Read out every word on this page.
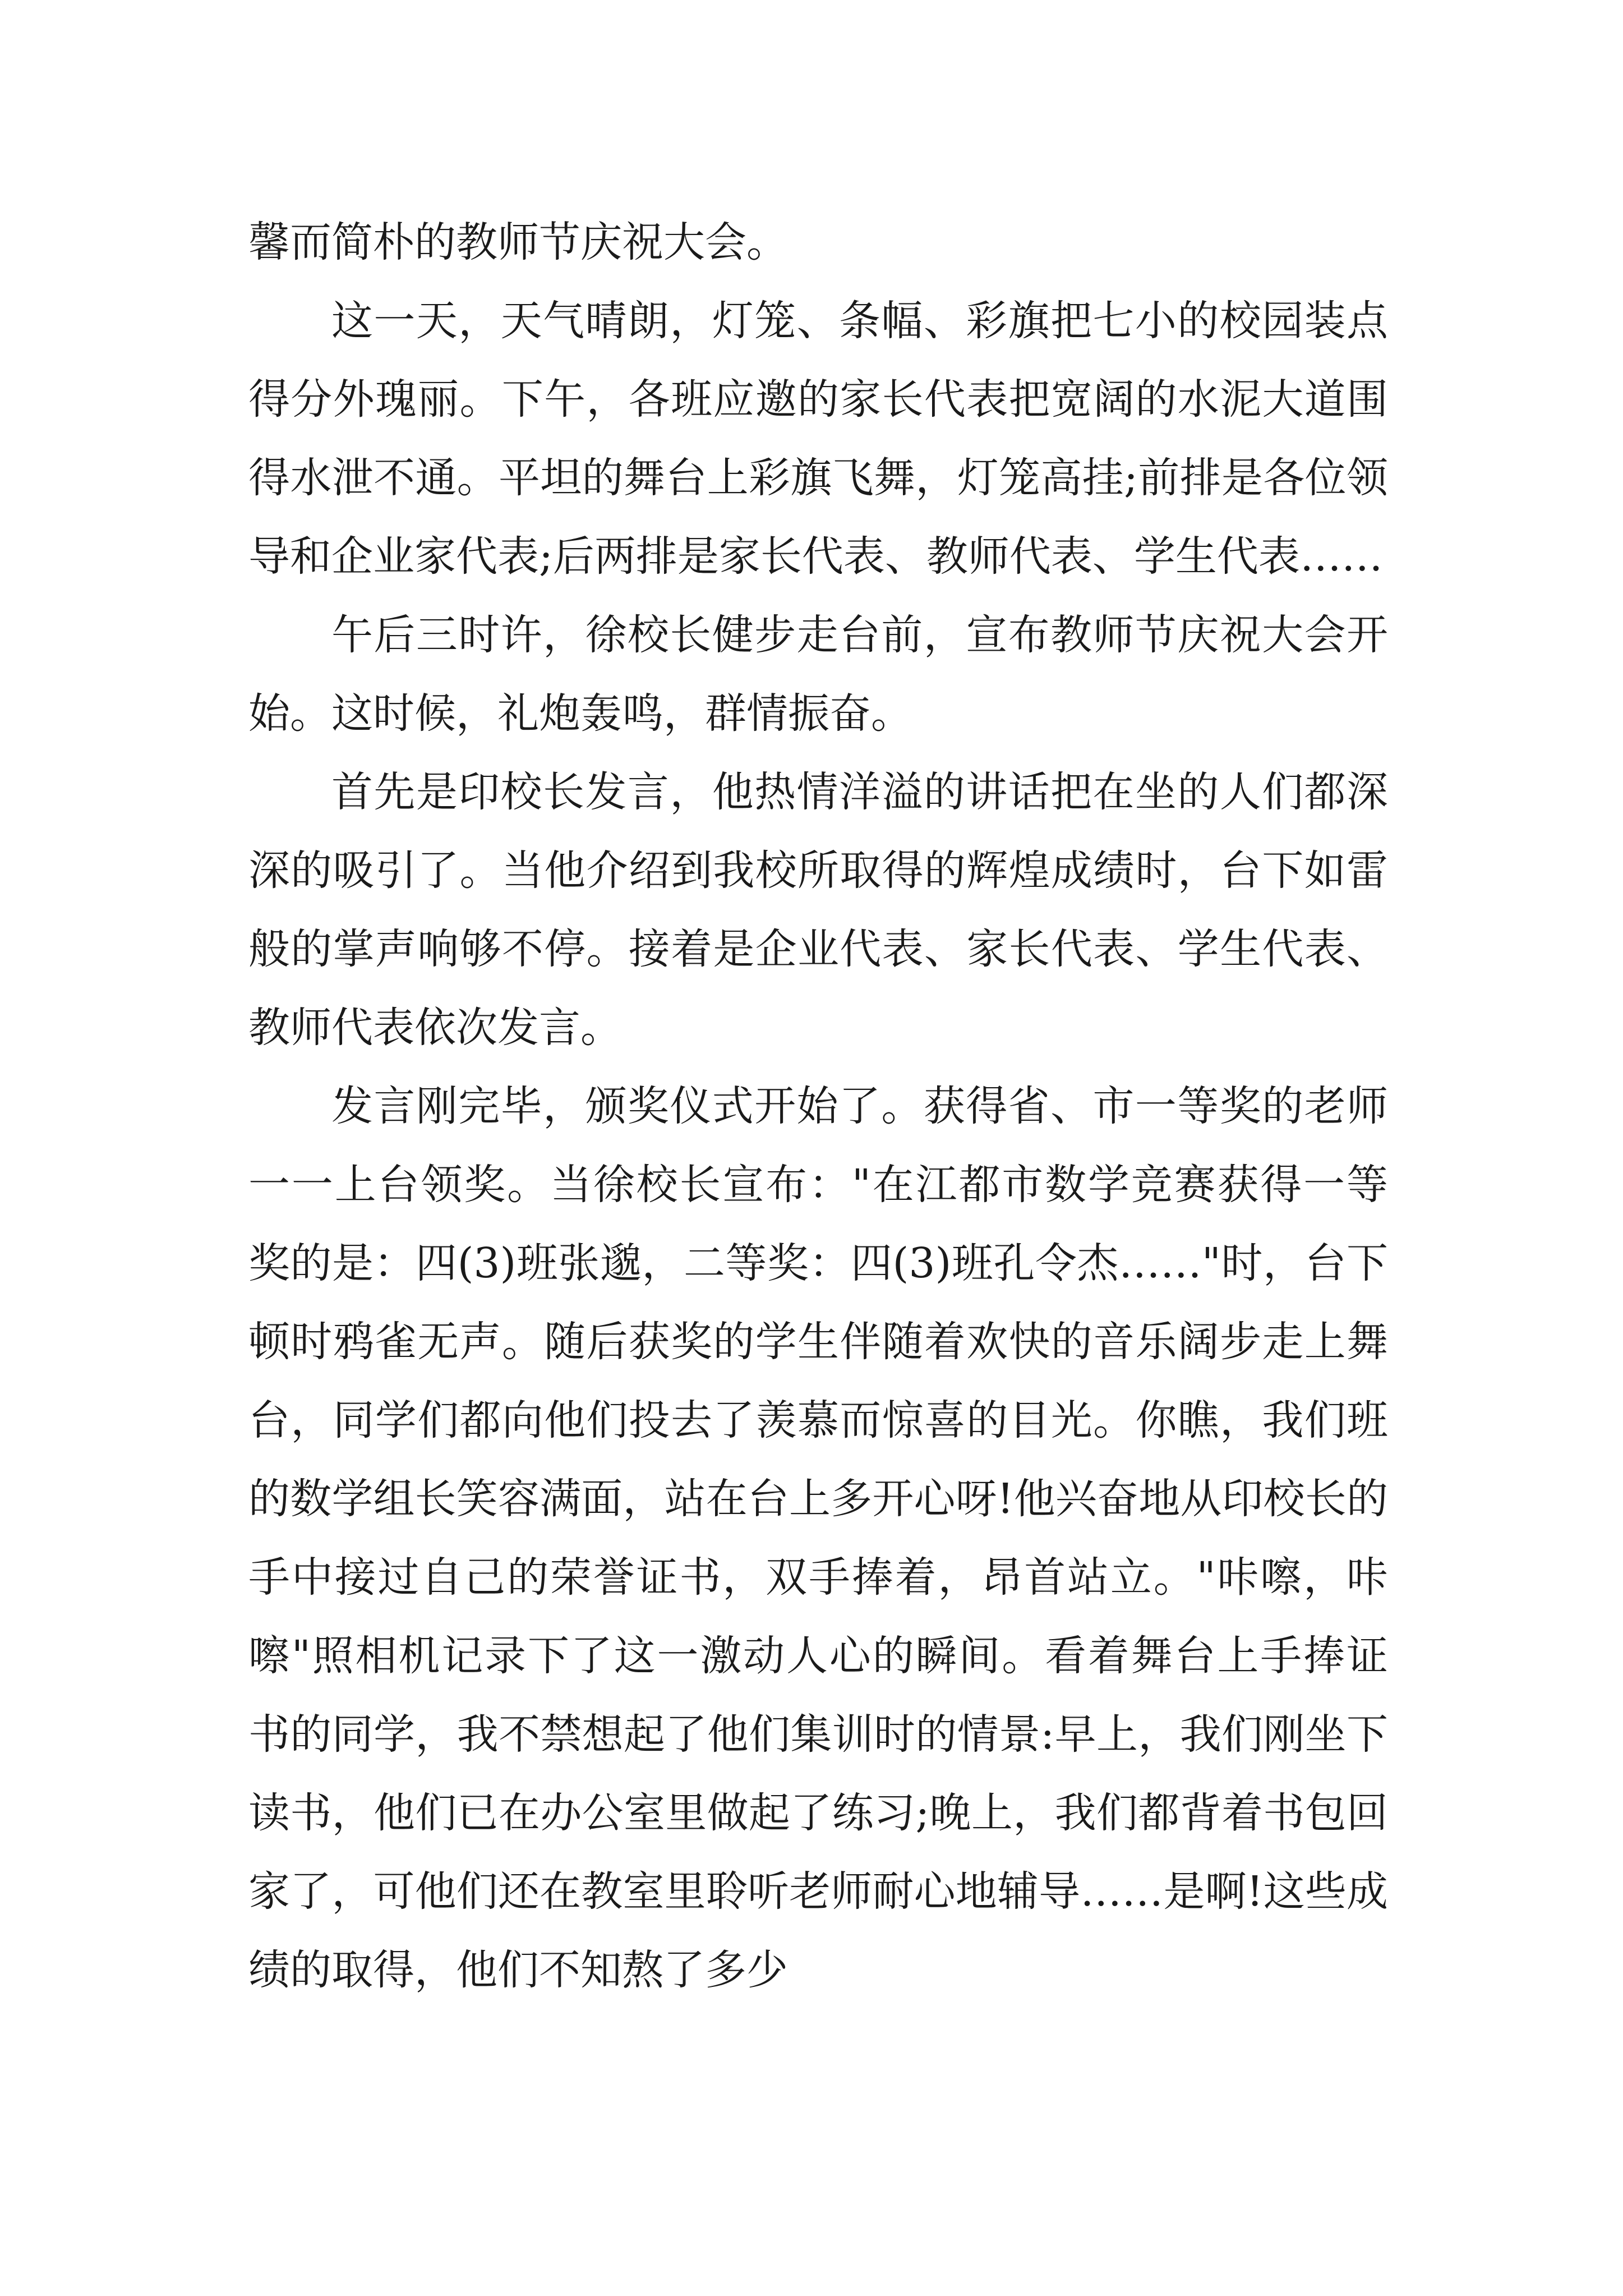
馨而简朴的教师节庆祝大会。

这一天，天气晴朗，灯笼、条幅、彩旗把七小的校园装点得分外瑰丽。下午，各班应邀的家长代表把宽阔的水泥大道围得水泄不通。平坦的舞台上彩旗飞舞，灯笼高挂;前排是各位领导和企业家代表;后两排是家长代表、教师代表、学生代表……

午后三时许，徐校长健步走台前，宣布教师节庆祝大会开始。这时候，礼炮轰鸣，群情振奋。

首先是印校长发言，他热情洋溢的讲话把在坐的人们都深深的吸引了。当他介绍到我校所取得的辉煌成绩时，台下如雷般的掌声响够不停。接着是企业代表、家长代表、学生代表、教师代表依次发言。

发言刚完毕，颁奖仪式开始了。获得省、市一等奖的老师一一上台领奖。当徐校长宣布："在江都市数学竞赛获得一等奖的是：四(3)班张邈，二等奖：四(3)班孔令杰……"时，台下顿时鸦雀无声。随后获奖的学生伴随着欢快的音乐阔步走上舞台，同学们都向他们投去了羡慕而惊喜的目光。你瞧，我们班的数学组长笑容满面，站在台上多开心呀!他兴奋地从印校长的手中接过自己的荣誉证书，双手捧着，昂首站立。"咔嚓，咔嚓"照相机记录下了这一激动人心的瞬间。看着舞台上手捧证书的同学，我不禁想起了他们集训时的情景:早上，我们刚坐下读书，他们已在办公室里做起了练习;晚上，我们都背着书包回家了，可他们还在教室里聆听老师耐心地辅导……是啊!这些成绩的取得，他们不知熬了多少
